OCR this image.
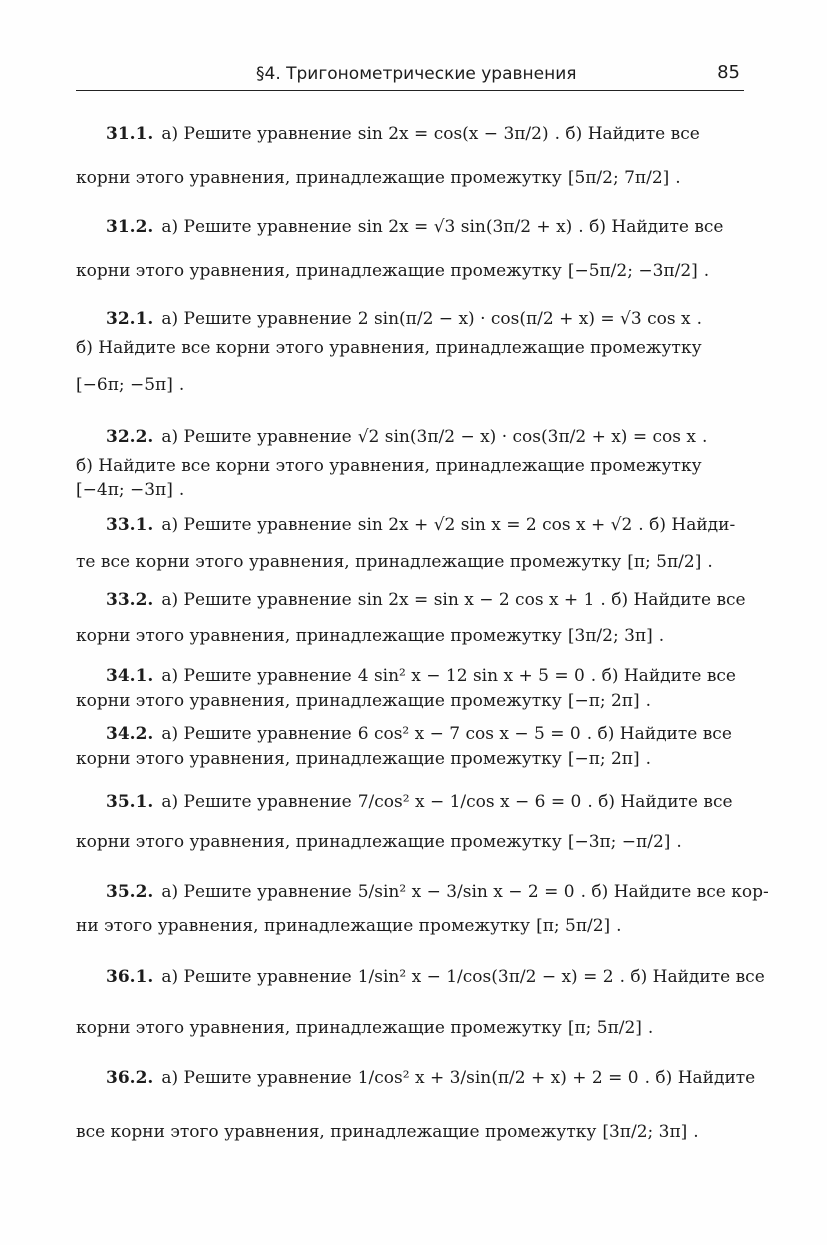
§4. Тригонометрические уравнения	85
31.1. а) Решите уравнение sin 2x = cos(x − 3π/2) . б) Найдите все
корни этого уравнения, принадлежащие промежутку [5π/2; 7π/2] .
31.2. а) Решите уравнение sin 2x = √3 sin(3π/2 + x) . б) Найдите все
корни этого уравнения, принадлежащие промежутку [−5π/2; −3π/2] .
32.1. а) Решите уравнение 2 sin(π/2 − x) · cos(π/2 + x) = √3 cos x .
б) Найдите все корни этого уравнения, принадлежащие промежутку
[−6π; −5π] .
32.2. а) Решите уравнение √2 sin(3π/2 − x) · cos(3π/2 + x) = cos x .
б) Найдите все корни этого уравнения, принадлежащие промежутку
[−4π; −3π] .
33.1. а) Решите уравнение sin 2x + √2 sin x = 2 cos x + √2 . б) Найди-
те все корни этого уравнения, принадлежащие промежутку [π; 5π/2] .
33.2. а) Решите уравнение sin 2x = sin x − 2 cos x + 1 . б) Найдите все
корни этого уравнения, принадлежащие промежутку [3π/2; 3π] .
34.1. а) Решите уравнение 4 sin² x − 12 sin x + 5 = 0 . б) Найдите все
корни этого уравнения, принадлежащие промежутку [−π; 2π] .
34.2. а) Решите уравнение 6 cos² x − 7 cos x − 5 = 0 . б) Найдите все
корни этого уравнения, принадлежащие промежутку [−π; 2π] .
35.1. а) Решите уравнение 7/cos² x − 1/cos x − 6 = 0 . б) Найдите все
корни этого уравнения, принадлежащие промежутку [−3π; −π/2] .
35.2. а) Решите уравнение 5/sin² x − 3/sin x − 2 = 0 . б) Найдите все кор-
ни этого уравнения, принадлежащие промежутку [π; 5π/2] .
36.1. а) Решите уравнение 1/sin² x − 1/cos(3π/2 − x) = 2 . б) Найдите все
корни этого уравнения, принадлежащие промежутку [π; 5π/2] .
36.2. а) Решите уравнение 1/cos² x + 3/sin(π/2 + x) + 2 = 0 . б) Найдите
все корни этого уравнения, принадлежащие промежутку [3π/2; 3π] .
